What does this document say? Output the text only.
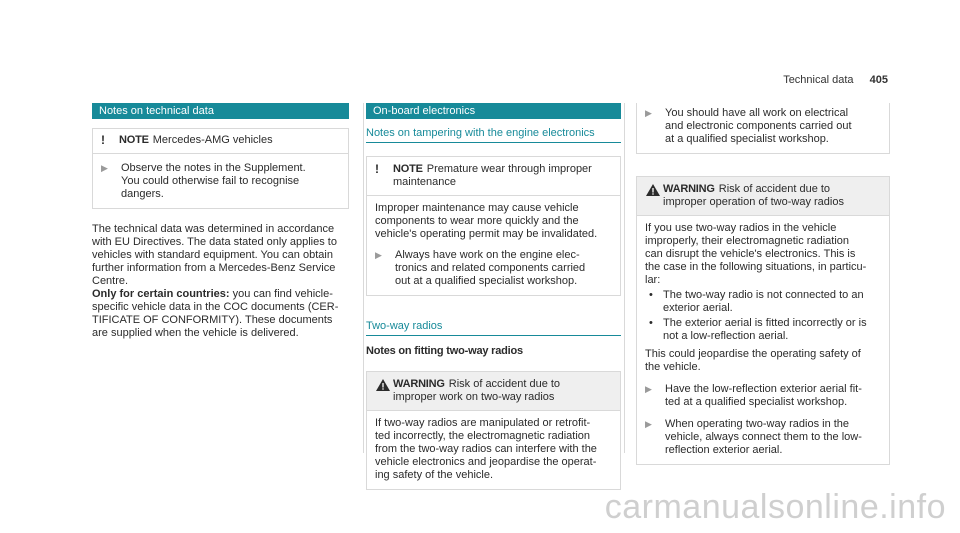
Technical data 405
Notes on technical data
!	NOTE Mercedes-AMG vehicles
▶	Observe the notes in the Supplement.
You could otherwise fail to recognise
dangers.

The technical data was determined in accordance

with EU Directives. The data stated only applies to

vehicles with standard equipment. You can obtain

further information from a Mercedes-Benz Service

Centre.

Only for certain countries: you can find vehicle-

specific vehicle data in the COC documents (CER-

TIFICATE OF CONFORMITY). These documents

are supplied when the vehicle is delivered.

On-board electronics
Notes on tampering with the engine electronics
!	NOTE Premature wear through improper
maintenance

Improper maintenance may cause vehicle

components to wear more quickly and the

vehicle's operating permit may be invalidated.

▶	Always have work on the engine elec-
tronics and related components carried
out at a qualified specialist workshop.
Two-way radios
Notes on fitting two-way radios
WARNING Risk of accident due to
improper work on two-way radios

If two-way radios are manipulated or retrofit-

ted incorrectly, the electromagnetic radiation

from the two-way radios can interfere with the

vehicle electronics and jeopardise the operat-

ing safety of the vehicle.

▶	You should have all work on electrical
and electronic components carried out
at a qualified specialist workshop.
WARNING Risk of accident due to
improper operation of two-way radios

If you use two-way radios in the vehicle

improperly, their electromagnetic radiation

can disrupt the vehicle's electronics. This is

the case in the following situations, in particu-

lar:

• The two-way radio is not connected to an
exterior aerial.
• The exterior aerial is fitted incorrectly or is
not a low-reflection aerial.

This could jeopardise the operating safety of

the vehicle.

▶	Have the low-reflection exterior aerial fit-
ted at a qualified specialist workshop.
▶	When operating two-way radios in the
vehicle, always connect them to the low-
reflection exterior aerial.
carmanualsonline.info
